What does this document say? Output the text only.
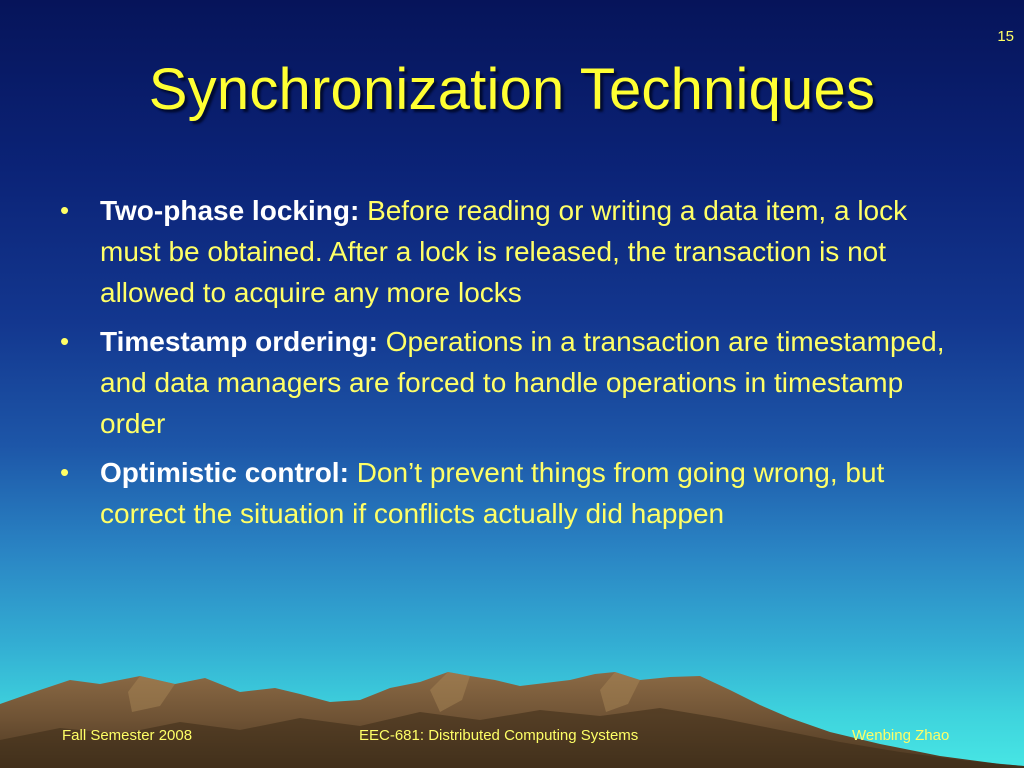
15
Synchronization Techniques
• Two-phase locking: Before reading or writing a data item, a lock must be obtained. After a lock is released, the transaction is not allowed to acquire any more locks
• Timestamp ordering: Operations in a transaction are timestamped, and data managers are forced to handle operations in timestamp order
• Optimistic control: Don’t prevent things from going wrong, but correct the situation if conflicts actually did happen
Fall Semester 2008	EEC-681: Distributed Computing Systems	Wenbing Zhao
